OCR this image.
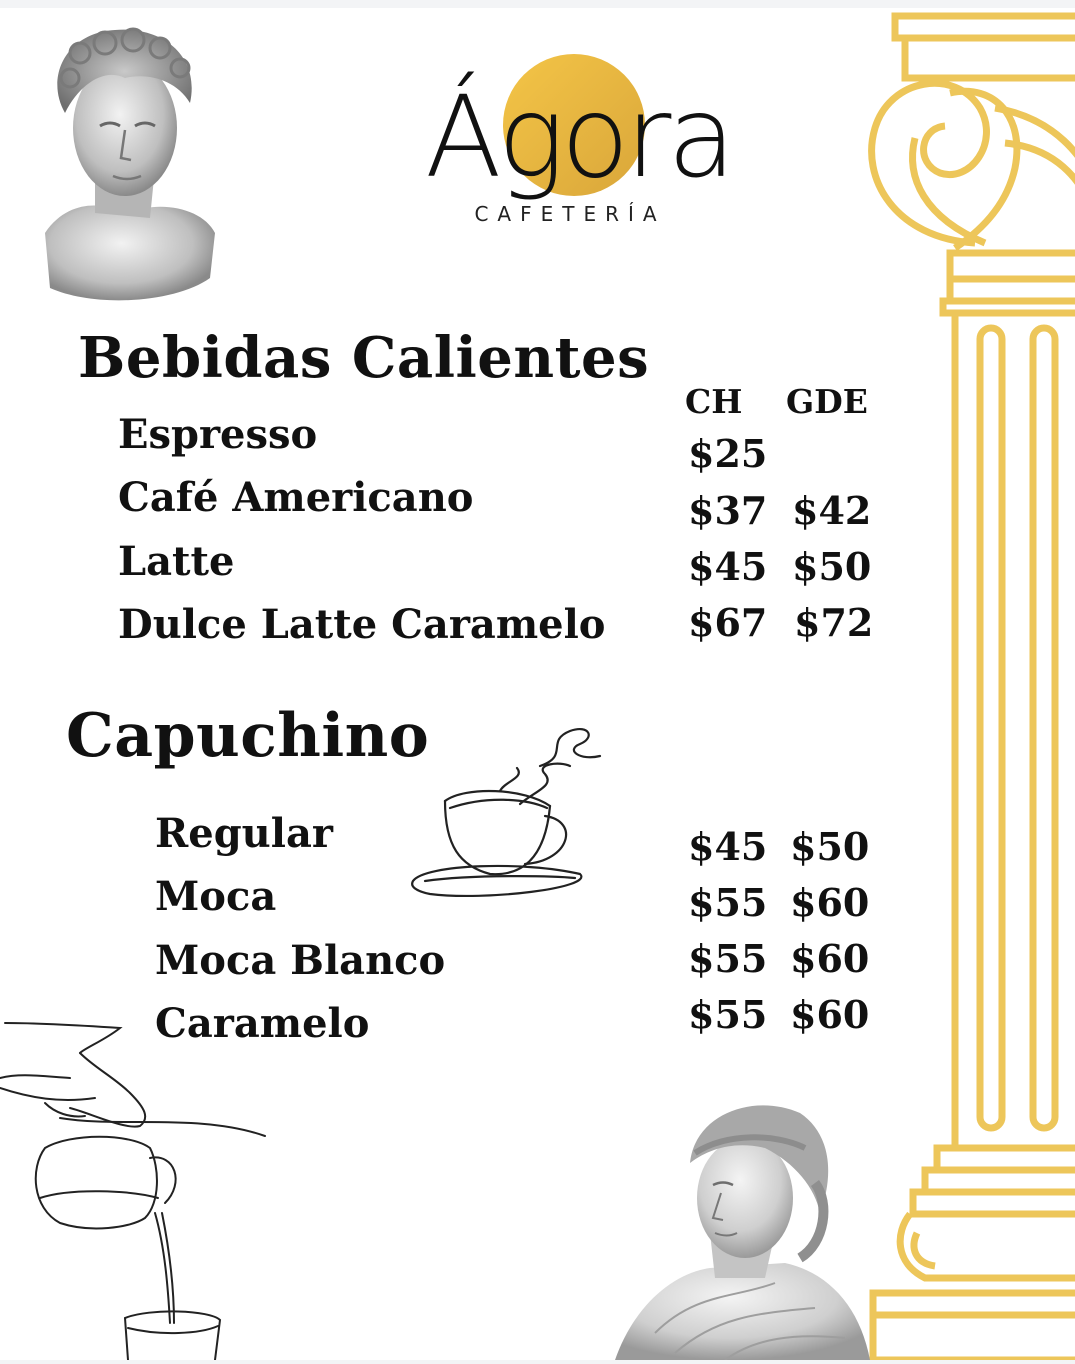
Ágora
CAFETERÍA
Bebidas Calientes
CH GDE
Espresso	$25
Café Americano	$37 $42
Latte	$45 $50
Dulce Latte Caramelo $67 $72
Capuchino
Regular	$45 $50
Moca	$55 $60
Moca Blanco	$55 $60
Caramelo	$55 $60
